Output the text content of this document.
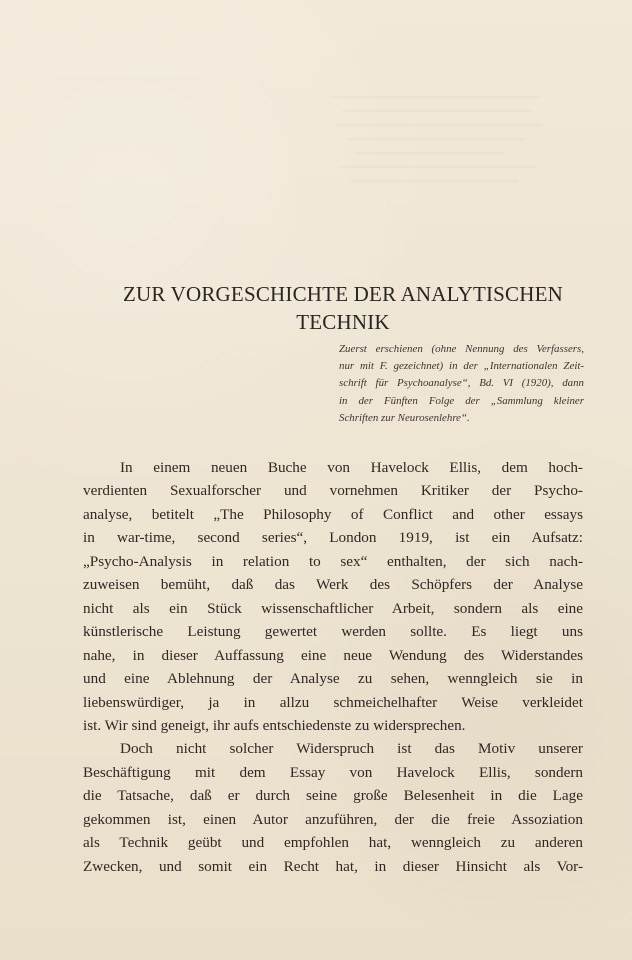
ZUR VORGESCHICHTE DER ANALYTISCHEN
TECHNIK
Zuerst erschienen (ohne Nennung des Verfassers,
nur mit F. gezeichnet) in der „Internationalen Zeit-
schrift für Psychoanalyse“, Bd. VI (1920), dann
in der Fünften Folge der „Sammlung kleiner
Schriften zur Neurosenlehre“.
In einem neuen Buche von Havelock Ellis, dem hoch-
verdienten Sexualforscher und vornehmen Kritiker der Psycho-
analyse, betitelt „The Philosophy of Conflict and other essays
in war-time, second series“, London 1919, ist ein Aufsatz:
„Psycho-Analysis in relation to sex“ enthalten, der sich nach-
zuweisen bemüht, daß das Werk des Schöpfers der Analyse
nicht als ein Stück wissenschaftlicher Arbeit, sondern als eine
künstlerische Leistung gewertet werden sollte. Es liegt uns
nahe, in dieser Auffassung eine neue Wendung des Widerstandes
und eine Ablehnung der Analyse zu sehen, wenngleich sie in
liebenswürdiger, ja in allzu schmeichelhafter Weise verkleidet
ist. Wir sind geneigt, ihr aufs entschiedenste zu widersprechen.
Doch nicht solcher Widerspruch ist das Motiv unserer
Beschäftigung mit dem Essay von Havelock Ellis, sondern
die Tatsache, daß er durch seine große Belesenheit in die Lage
gekommen ist, einen Autor anzuführen, der die freie Assoziation
als Technik geübt und empfohlen hat, wenngleich zu anderen
Zwecken, und somit ein Recht hat, in dieser Hinsicht als Vor-
